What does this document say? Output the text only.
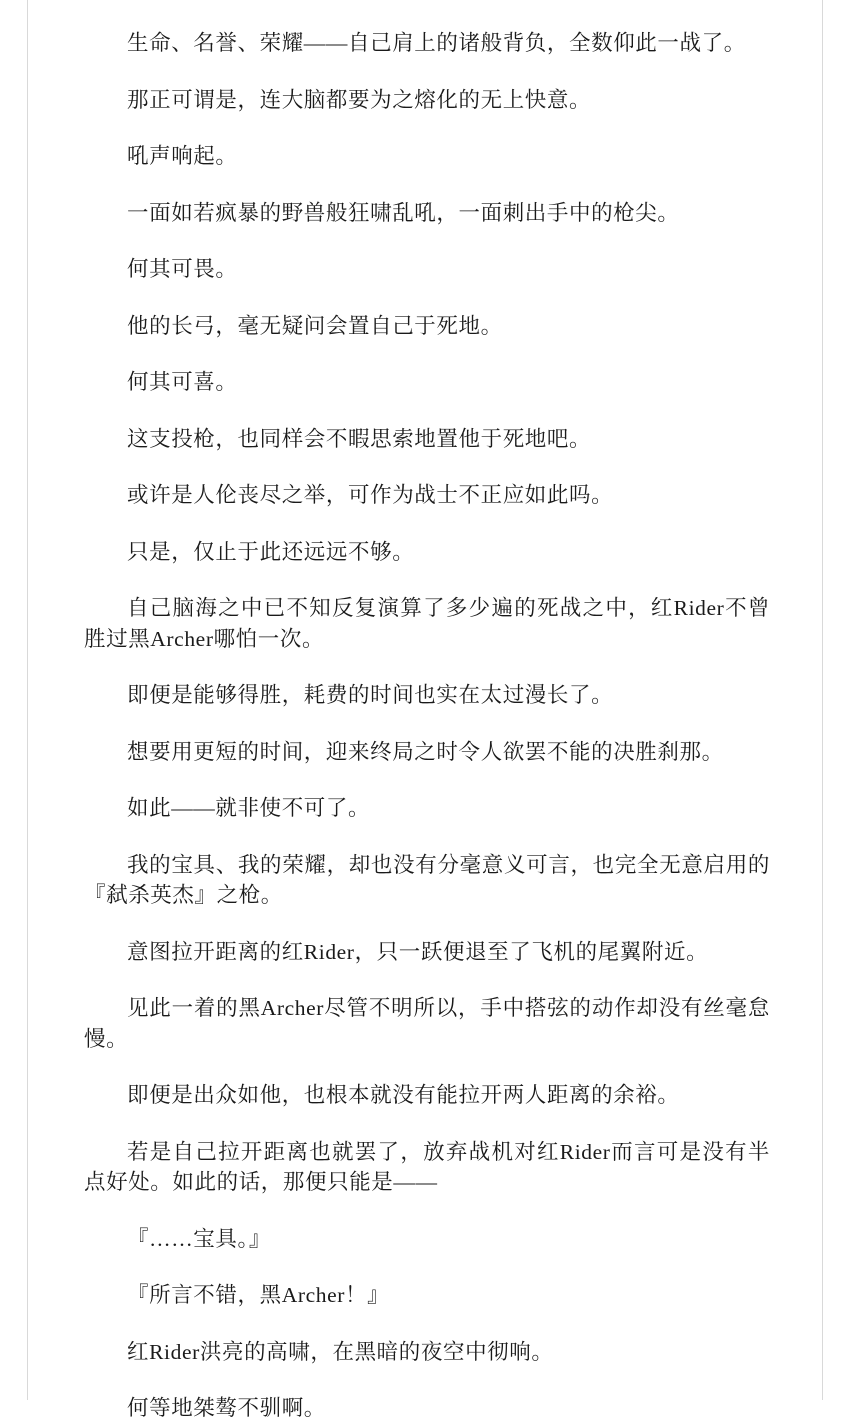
生命、名誉、荣耀——自己肩上的诸般背负，全数仰此一战了。

那正可谓是，连大脑都要为之熔化的无上快意。

吼声响起。

一面如若疯暴的野兽般狂啸乱吼，一面刺出手中的枪尖。

何其可畏。

他的长弓，毫无疑问会置自己于死地。

何其可喜。

这支投枪，也同样会不暇思索地置他于死地吧。

或许是人伦丧尽之举，可作为战士不正应如此吗。

只是，仅止于此还远远不够。

自己脑海之中已不知反复演算了多少遍的死战之中，红Rider不曾胜过黑Archer哪怕一次。

即便是能够得胜，耗费的时间也实在太过漫长了。

想要用更短的时间，迎来终局之时令人欲罢不能的决胜刹那。

如此——就非使不可了。

我的宝具、我的荣耀，却也没有分毫意义可言，也完全无意启用的『弑杀英杰』之枪。

意图拉开距离的红Rider，只一跃便退至了飞机的尾翼附近。

见此一着的黑Archer尽管不明所以，手中搭弦的动作却没有丝毫怠慢。

即便是出众如他，也根本就没有能拉开两人距离的余裕。

若是自己拉开距离也就罢了，放弃战机对红Rider而言可是没有半点好处。如此的话，那便只能是——

『……宝具。』

『所言不错，黑Archer！』

红Rider洪亮的高啸，在黑暗的夜空中彻响。

何等地桀骜不驯啊。
